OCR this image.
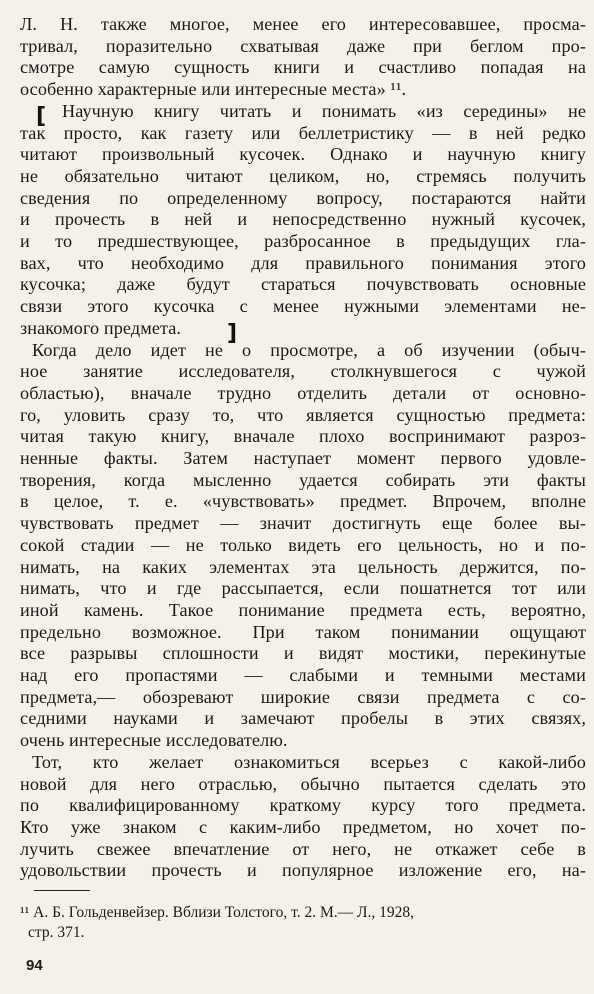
Л. Н. также многое, менее его интересовавшее, просма-
тривал, поразительно схватывая даже при беглом про-
смотре самую сущность книги и счастливо попадая на
особенно характерные или интересные места» ¹¹.
Научную книгу читать и понимать «из середины» не
так просто, как газету или беллетристику — в ней редко
читают произвольный кусочек. Однако и научную книгу
не обязательно читают целиком, но, стремясь получить
сведения по определенному вопросу, постараются найти
и прочесть в ней и непосредственно нужный кусочек,
и то предшествующее, разбросанное в предыдущих гла-
вах, что необходимо для правильного понимания этого
кусочка; даже будут стараться почувствовать основные
связи этого кусочка с менее нужными элементами не-
знакомого предмета.
Когда дело идет не о просмотре, а об изучении (обыч-
ное занятие исследователя, столкнувшегося с чужой
областью), вначале трудно отделить детали от основно-
го, уловить сразу то, что является сущностью предмета:
читая такую книгу, вначале плохо воспринимают разроз-
ненные факты. Затем наступает момент первого удовле-
творения, когда мысленно удается собирать эти факты
в целое, т. е. «чувствовать» предмет. Впрочем, вполне
чувствовать предмет — значит достигнуть еще более вы-
сокой стадии — не только видеть его цельность, но и по-
нимать, на каких элементах эта цельность держится, по-
нимать, что и где рассыпается, если пошатнется тот или
иной камень. Такое понимание предмета есть, вероятно,
предельно возможное. При таком понимании ощущают
все разрывы сплошности и видят мостики, перекинутые
над его пропастями — слабыми и темными местами
предмета,— обозревают широкие связи предмета с со-
седними науками и замечают пробелы в этих связях,
очень интересные исследователю.
Тот, кто желает ознакомиться всерьез с какой-либо
новой для него отраслью, обычно пытается сделать это
по квалифицированному краткому курсу того предмета.
Кто уже знаком с каким-либо предметом, но хочет по-
лучить свежее впечатление от него, не откажет себе в
удовольствии прочесть и популярное изложение его, на-
[
]
¹¹ А. Б. Гольденвейзер. Вблизи Толстого, т. 2. М.— Л., 1928,
стр. 371.
94
